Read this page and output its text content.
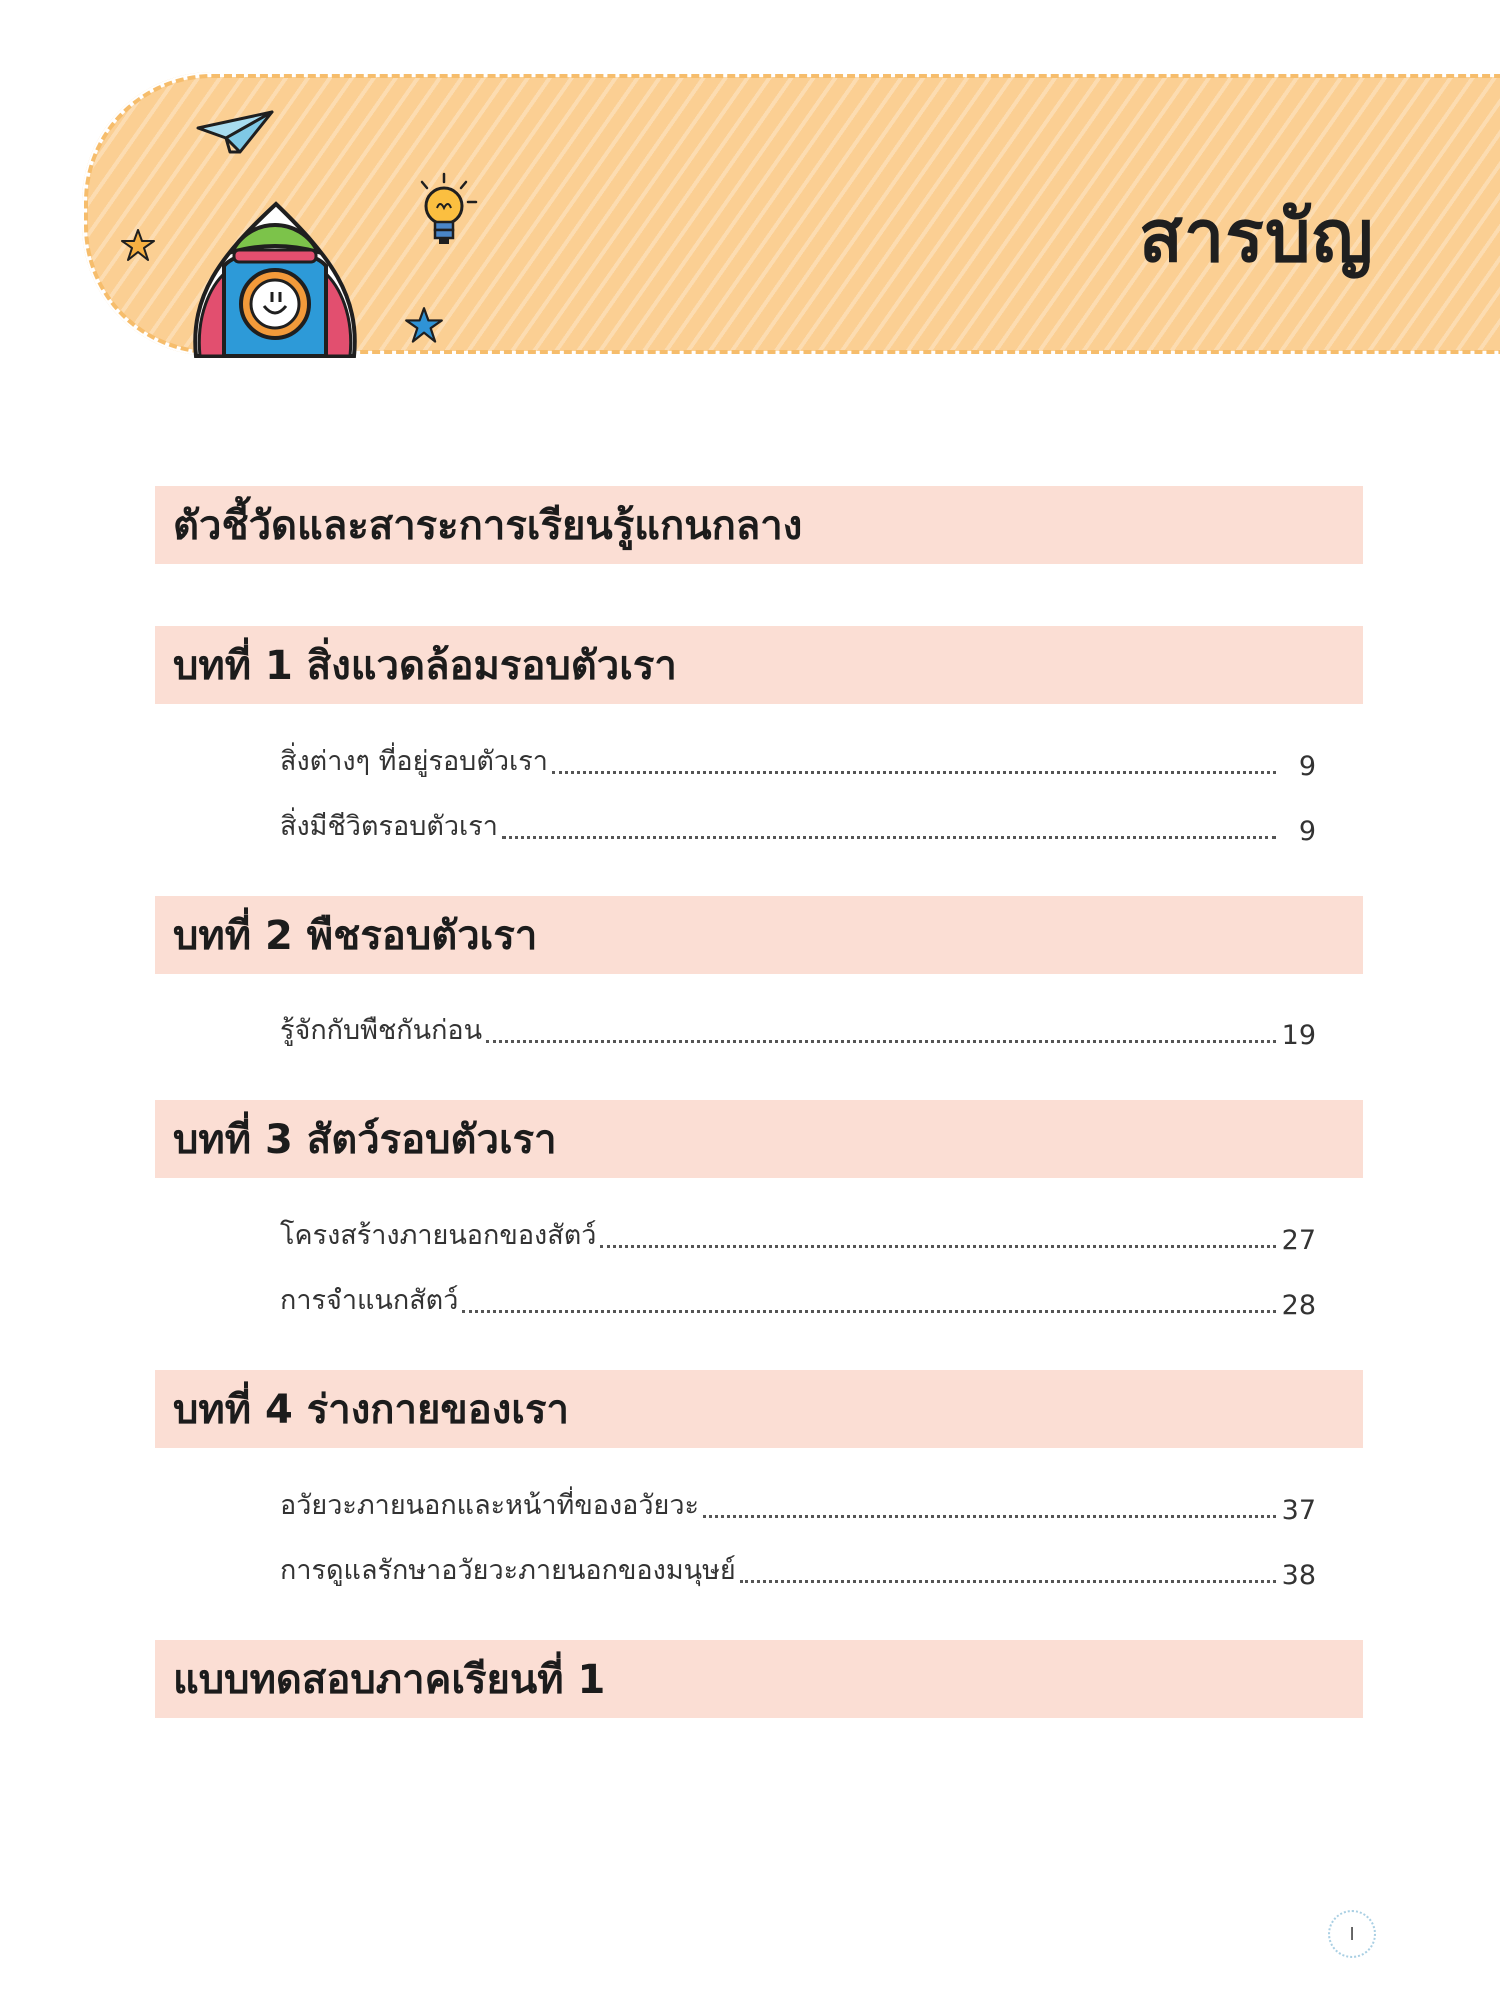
สารบัญ
ตัวชี้วัดและสาระการเรียนรู้แกนกลาง
บทที่ 1 สิ่งแวดล้อมรอบตัวเรา
สิ่งต่างๆ ที่อยู่รอบตัวเรา	9
สิ่งมีชีวิตรอบตัวเรา	9
บทที่ 2 พืชรอบตัวเรา
รู้จักกับพืชกันก่อน	19
บทที่ 3 สัตว์รอบตัวเรา
โครงสร้างภายนอกของสัตว์	27
การจำแนกสัตว์	28
บทที่ 4 ร่างกายของเรา
อวัยวะภายนอกและหน้าที่ของอวัยวะ	37
การดูแลรักษาอวัยวะภายนอกของมนุษย์	38
แบบทดสอบภาคเรียนที่ 1
I
